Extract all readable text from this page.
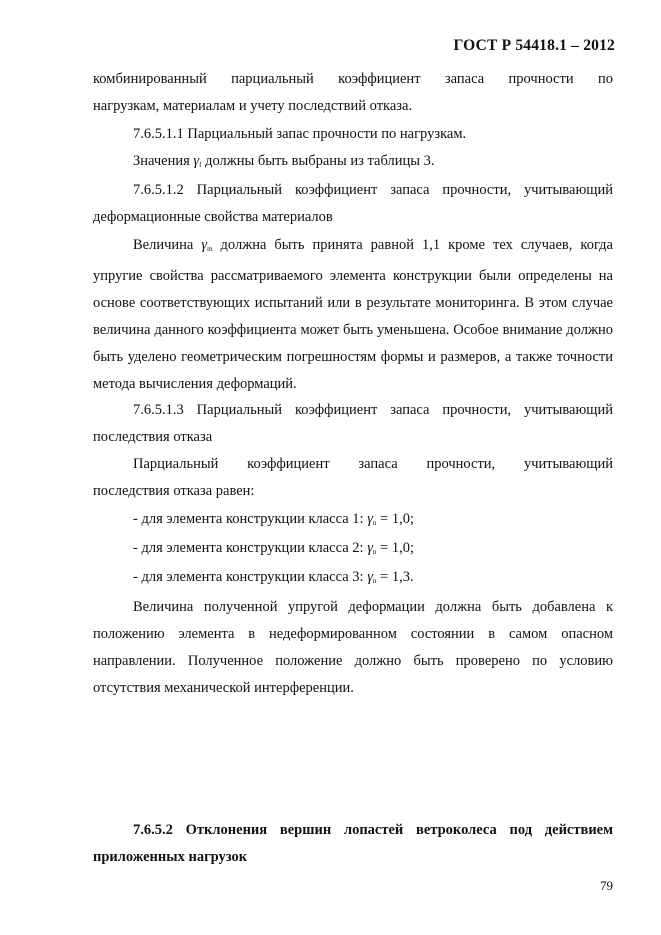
ГОСТ Р 54418.1 – 2012
комбинированный парциальный коэффициент запаса прочности по
нагрузкам, материалам и учету последствий отказа.
7.6.5.1.1 Парциальный запас прочности по нагрузкам.
Значения $\gamma_f$ должны быть выбраны из таблицы 3.
7.6.5.1.2 Парциальный коэффициент запаса прочности, учитывающий
деформационные свойства материалов
Величина $\gamma_m$ должна быть принята равной 1,1 кроме тех случаев, когда упругие свойства рассматриваемого элемента конструкции были определены на основе соответствующих испытаний или в результате мониторинга. В этом случае величина данного коэффициента может быть уменьшена. Особое внимание должно быть уделено геометрическим погрешностям формы и размеров, а также точности метода вычисления деформаций.
7.6.5.1.3 Парциальный коэффициент запаса прочности, учитывающий
последствия отказа
Парциальный коэффициент запаса прочности, учитывающий
последствия отказа равен:
- для элемента конструкции класса 1: $\gamma_n = 1,0$;
- для элемента конструкции класса 2: $\gamma_n = 1,0$;
- для элемента конструкции класса 3: $\gamma_n = 1,3$.
Величина полученной упругой деформации должна быть добавлена к положению элемента в недеформированном состоянии в самом опасном направлении. Полученное положение должно быть проверено по условию отсутствия механической интерференции.
7.6.5.2 Отклонения вершин лопастей ветроколеса под действием приложенных нагрузок
79
